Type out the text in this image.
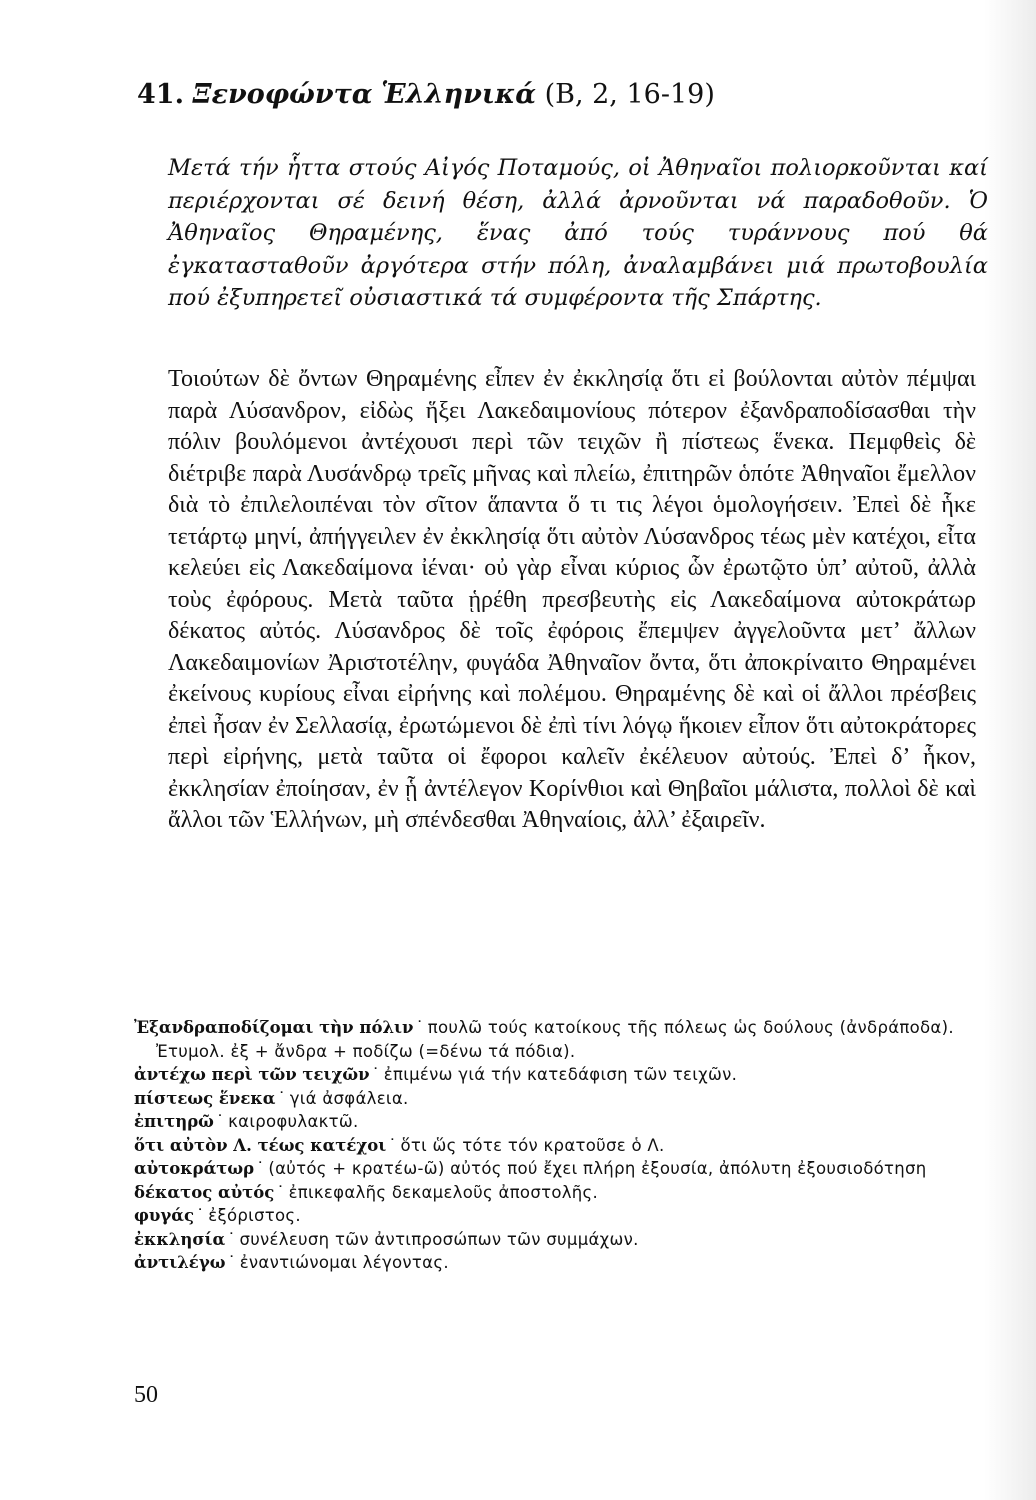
41. Ξενοφώντα Ἑλληνικά (Β, 2, 16-19)

Μετά τήν ἧττα στούς Αἰγός Ποταμούς, οἱ Ἀθηναῖοι πολιορκοῦνται καί περιέρχονται σέ δεινή θέση, ἀλλά ἀρνοῦνται νά παραδοθοῦν. Ὁ Ἀθηναῖος Θηραμένης, ἕνας ἀπό τούς τυράννους πού θά ἐγκατασταθοῦν ἀργότερα στήν πόλη, ἀναλαμβάνει μιά πρωτοβουλία πού ἐξυπηρετεῖ οὐσιαστικά τά συμφέροντα τῆς Σπάρτης.

Τοιούτων δὲ ὄντων Θηραμένης εἶπεν ἐν ἐκκλησίᾳ ὅτι εἰ βούλονται αὐτὸν πέμψαι παρὰ Λύσανδρον, εἰδὼς ἥξει Λακεδαιμονίους πότερον ἐξανδραποδίσασθαι τὴν πόλιν βουλόμενοι ἀντέχουσι περὶ τῶν τειχῶν ἢ πίστεως ἕνεκα. Πεμφθεὶς δὲ διέτριβε παρὰ Λυσάνδρῳ τρεῖς μῆνας καὶ πλείω, ἐπιτηρῶν ὁπότε Ἀθηναῖοι ἔμελλον διὰ τὸ ἐπιλελοιπέναι τὸν σῖτον ἅπαντα ὅ τι τις λέγοι ὁμολογήσειν. Ἐπεὶ δὲ ἧκε τετάρτῳ μηνί, ἀπήγγειλεν ἐν ἐκκλησίᾳ ὅτι αὐτὸν Λύσανδρος τέως μὲν κατέχοι, εἶτα κελεύει εἰς Λακεδαίμονα ἰέναι· οὐ γὰρ εἶναι κύριος ὧν ἐρωτῷτο ὑπ’ αὐτοῦ, ἀλλὰ τοὺς ἐφόρους. Μετὰ ταῦτα ᾑρέθη πρεσβευτὴς εἰς Λακεδαίμονα αὐτοκράτωρ δέκατος αὐτός. Λύσανδρος δὲ τοῖς ἐφόροις ἔπεμψεν ἀγγελοῦντα μετ’ ἄλλων Λακεδαιμονίων Ἀριστοτέλην, φυγάδα Ἀθηναῖον ὄντα, ὅτι ἀποκρίναιτο Θηραμένει ἐκείνους κυρίους εἶναι εἰρήνης καὶ πολέμου. Θηραμένης δὲ καὶ οἱ ἄλλοι πρέσβεις ἐπεὶ ἦσαν ἐν Σελλασίᾳ, ἐρωτώμενοι δὲ ἐπὶ τίνι λόγῳ ἥκοιεν εἶπον ὅτι αὐτοκράτορες περὶ εἰρήνης, μετὰ ταῦτα οἱ ἔφοροι καλεῖν ἐκέλευον αὐτούς. Ἐπεὶ δ’ ἧκον, ἐκκλησίαν ἐποίησαν, ἐν ᾗ ἀντέλεγον Κορίνθιοι καὶ Θηβαῖοι μάλιστα, πολλοὶ δὲ καὶ ἄλλοι τῶν Ἑλλήνων, μὴ σπένδεσθαι Ἀθηναίοις, ἀλλ’ ἐξαιρεῖν.

Ἐξανδραποδίζομαι τὴν πόλιν ˙ πουλῶ τούς κατοίκους τῆς πόλεως ὡς δούλους (ἀνδράποδα). Ἐτυμολ. ἐξ + ἄνδρα + ποδίζω (=δένω τά πόδια).

ἀντέχω περὶ τῶν τειχῶν ˙ ἐπιμένω γιά τήν κατεδάφιση τῶν τειχῶν.

πίστεως ἕνεκα ˙ γιά ἀσφάλεια.

ἐπιτηρῶ ˙ καιροφυλακτῶ.

ὅτι αὐτὸν Λ. τέως κατέχοι ˙ ὅτι ὥς τότε τόν κρατοῦσε ὁ Λ.

αὐτοκράτωρ ˙ (αὐτός + κρατέω-ῶ) αὐτός πού ἔχει πλήρη ἐξουσία, ἀπόλυτη ἐξουσιοδότηση

δέκατος αὐτός ˙ ἐπικεφαλῆς δεκαμελοῦς ἀποστολῆς.

φυγάς ˙ ἐξόριστος.

ἐκκλησία ˙ συνέλευση τῶν ἀντιπροσώπων τῶν συμμάχων.

ἀντιλέγω ˙ ἐναντιώνομαι λέγοντας.

50
